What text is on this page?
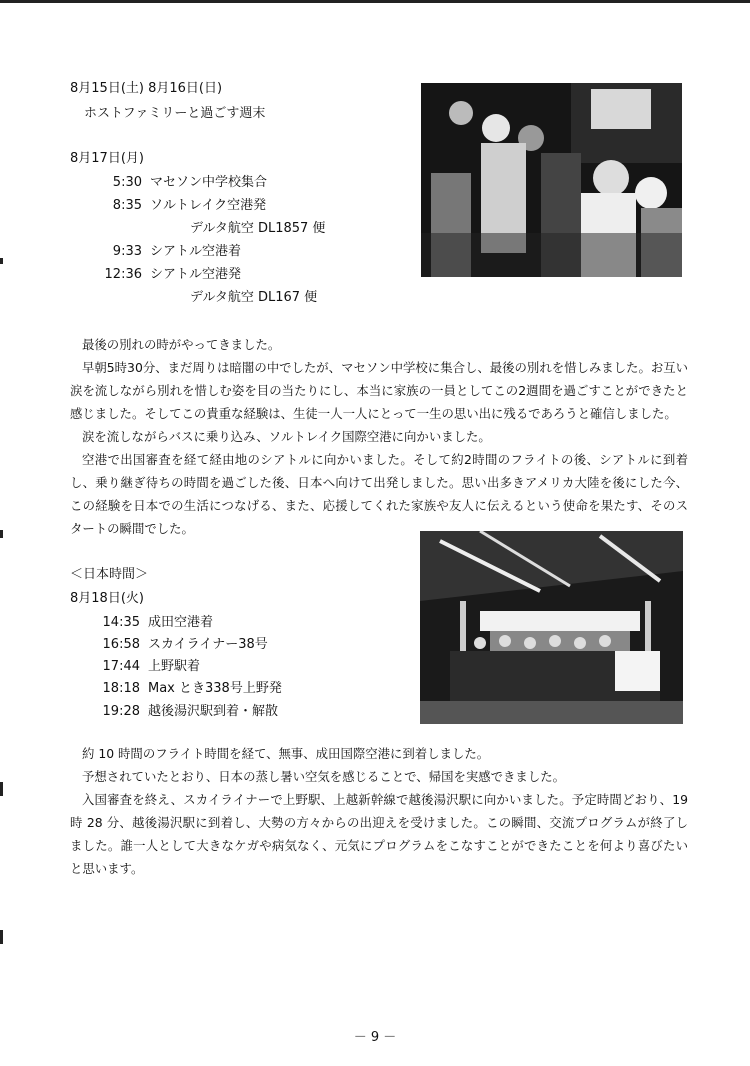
8月15日(土) 8月16日(日)
ホストファミリーと過ごす週末
8月17日(月)
5:30 マセソン中学校集合
8:35 ソルトレイク空港発
デルタ航空 DL1857 便
9:33 シアトル空港着
12:36 シアトル空港発
デルタ航空 DL167 便

最後の別れの時がやってきました。

早朝5時30分、まだ周りは暗闇の中でしたが、マセソン中学校に集合し、最後の別れを惜しみました。お互い涙を流しながら別れを惜しむ姿を目の当たりにし、本当に家族の一員としてこの2週間を過ごすことができたと感じました。そしてこの貴重な経験は、生徒一人一人にとって一生の思い出に残るであろうと確信しました。

涙を流しながらバスに乗り込み、ソルトレイク国際空港に向かいました。

空港で出国審査を経て経由地のシアトルに向かいました。そして約2時間のフライトの後、シアトルに到着し、乗り継ぎ待ちの時間を過ごした後、日本へ向けて出発しました。思い出多きアメリカ大陸を後にした今、この経験を日本での生活につなげる、また、応援してくれた家族や友人に伝えるという使命を果たす、そのスタートの瞬間でした。

＜日本時間＞
8月18日(火)
14:35 成田空港着
16:58 スカイライナー38号
17:44 上野駅着
18:18 Max とき338号上野発
19:28 越後湯沢駅到着・解散

約 10 時間のフライト時間を経て、無事、成田国際空港に到着しました。

予想されていたとおり、日本の蒸し暑い空気を感じることで、帰国を実感できました。

入国審査を終え、スカイライナーで上野駅、上越新幹線で越後湯沢駅に向かいました。予定時間どおり、19時 28 分、越後湯沢駅に到着し、大勢の方々からの出迎えを受けました。この瞬間、交流プログラムが終了しました。誰一人として大きなケガや病気なく、元気にプログラムをこなすことができたことを何より喜びたいと思います。

－ 9 －
